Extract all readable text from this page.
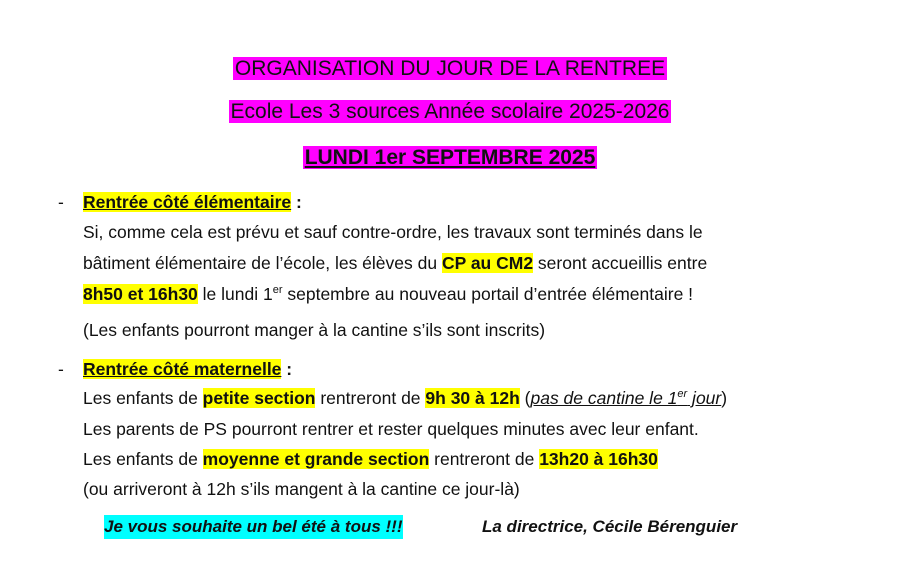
ORGANISATION DU JOUR DE LA RENTREE
Ecole Les 3 sources Année scolaire 2025-2026
LUNDI 1er SEPTEMBRE 2025
- Rentrée côté élémentaire :
Si, comme cela est prévu et sauf contre-ordre, les travaux sont terminés dans le
bâtiment élémentaire de l’école, les élèves du CP au CM2 seront accueillis entre
8h50 et 16h30 le lundi 1er septembre au nouveau portail d’entrée élémentaire !
(Les enfants pourront manger à la cantine s’ils sont inscrits)
- Rentrée côté maternelle :
Les enfants de petite section rentreront de 9h 30 à 12h (pas de cantine le 1er jour)
Les parents de PS pourront rentrer et rester quelques minutes avec leur enfant.
Les enfants de moyenne et grande section rentreront de 13h20 à 16h30
(ou arriveront à 12h s’ils mangent à la cantine ce jour-là)
Je vous souhaite un bel été à tous !!!	La directrice, Cécile Bérenguier
